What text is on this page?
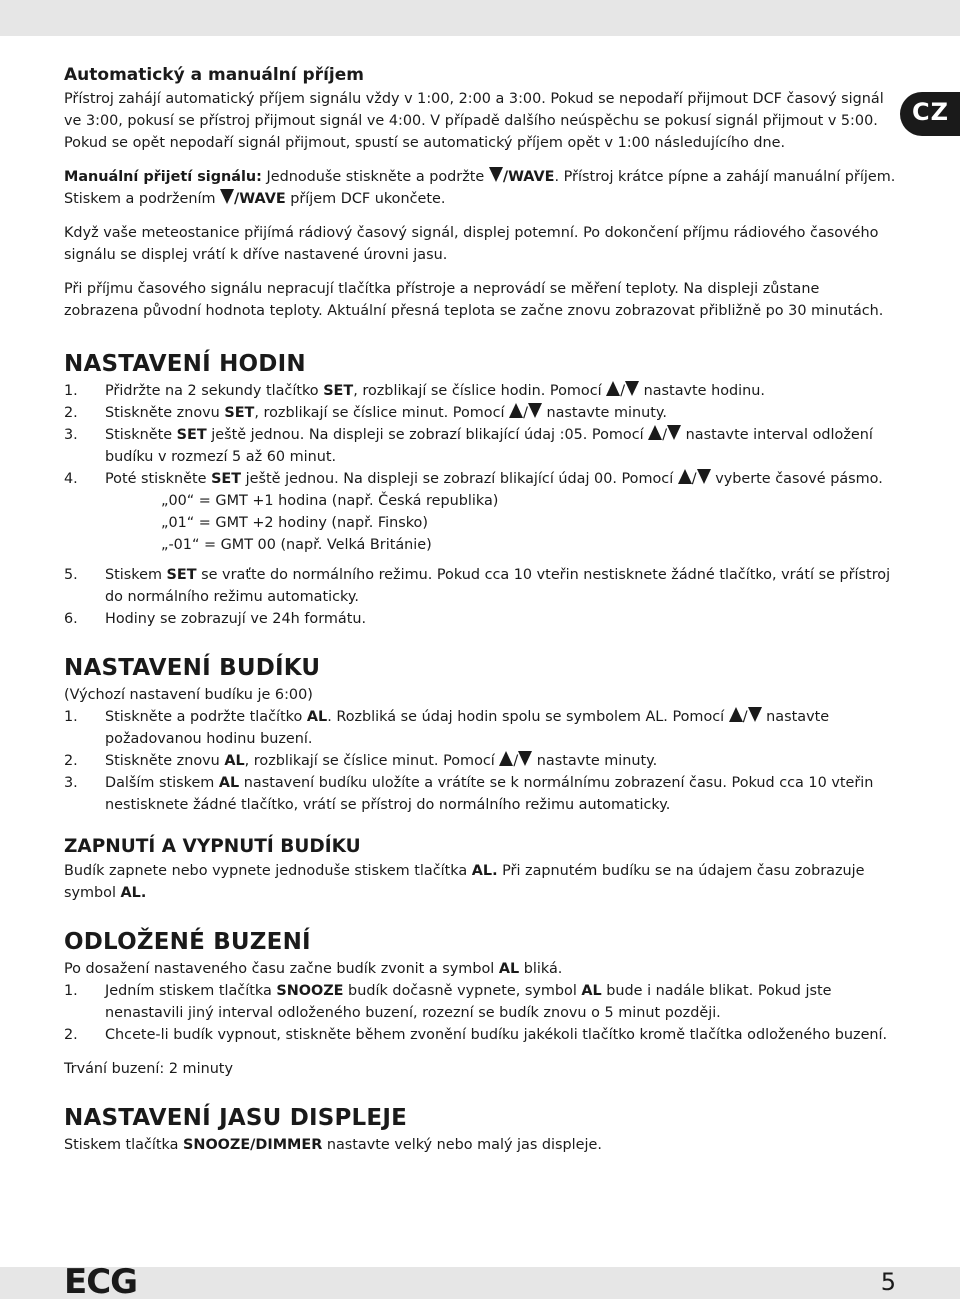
CZ

Automatický a manuální příjem

Přístroj zahájí automatický příjem signálu vždy v 1:00, 2:00 a 3:00. Pokud se nepodaří přijmout DCF časový signál ve 3:00, pokusí se přístroj přijmout signál ve 4:00. V případě dalšího neúspěchu se pokusí signál přijmout v 5:00. Pokud se opět nepodaří signál přijmout, spustí se automatický příjem opět v 1:00 následujícího dne.

Manuální přijetí signálu: Jednoduše stiskněte a podržte /WAVE. Přístroj krátce pípne a zahájí manuální příjem. Stiskem a podržením /WAVE příjem DCF ukončete.

Když vaše meteostanice přijímá rádiový časový signál, displej potemní. Po dokončení příjmu rádiového časového signálu se displej vrátí k dříve nastavené úrovni jasu.

Při příjmu časového signálu nepracují tlačítka přístroje a neprovádí se měření teploty. Na displeji zůstane zobrazena původní hodnota teploty. Aktuální přesná teplota se začne znovu zobrazovat přibližně po 30 minutách.

NASTAVENÍ HODIN

1. Přidržte na 2 sekundy tlačítko SET, rozblikají se číslice hodin. Pomocí / nastavte hodinu.
2. Stiskněte znovu SET, rozblikají se číslice minut. Pomocí / nastavte minuty.
3. Stiskněte SET ještě jednou. Na displeji se zobrazí blikající údaj :05. Pomocí / nastavte interval odložení budíku v rozmezí 5 až 60 minut.
4. Poté stiskněte SET ještě jednou. Na displeji se zobrazí blikající údaj 00. Pomocí / vyberte časové pásmo.

„00“ = GMT +1 hodina (např. Česká republika)

„01“ = GMT +2 hodiny (např. Finsko)

„-01“ = GMT 00 (např. Velká Británie)

5. Stiskem SET se vraťte do normálního režimu. Pokud cca 10 vteřin nestisknete žádné tlačítko, vrátí se přístroj do normálního režimu automaticky.
6. Hodiny se zobrazují ve 24h formátu.

NASTAVENÍ BUDÍKU

(Výchozí nastavení budíku je 6:00)

1. Stiskněte a podržte tlačítko AL. Rozbliká se údaj hodin spolu se symbolem AL. Pomocí / nastavte požadovanou hodinu buzení.
2. Stiskněte znovu AL, rozblikají se číslice minut. Pomocí / nastavte minuty.
3. Dalším stiskem AL nastavení budíku uložíte a vrátíte se k normálnímu zobrazení času. Pokud cca 10 vteřin nestisknete žádné tlačítko, vrátí se přístroj do normálního režimu automaticky.

ZAPNUTÍ A VYPNUTÍ BUDÍKU

Budík zapnete nebo vypnete jednoduše stiskem tlačítka AL. Při zapnutém budíku se na údajem času zobrazuje symbol AL.

ODLOŽENÉ BUZENÍ

Po dosažení nastaveného času začne budík zvonit a symbol AL bliká.

1. Jedním stiskem tlačítka SNOOZE budík dočasně vypnete, symbol AL bude i nadále blikat. Pokud jste nenastavili jiný interval odloženého buzení, rozezní se budík znovu o 5 minut později.
2. Chcete-li budík vypnout, stiskněte během zvonění budíku jakékoli tlačítko kromě tlačítka odloženého buzení.

Trvání buzení: 2 minuty

NASTAVENÍ JASU DISPLEJE

Stiskem tlačítka SNOOZE/DIMMER nastavte velký nebo malý jas displeje.

ECG	5
